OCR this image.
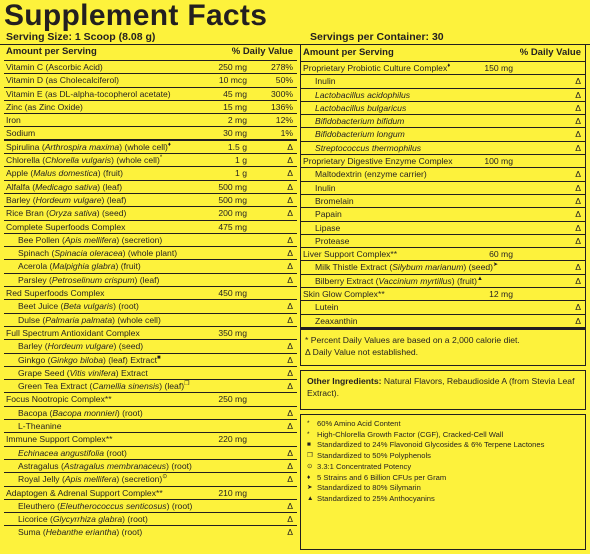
Supplement Facts
Serving Size: 1 Scoop (8.08 g)	Servings per Container: 30
Amount per Serving	% Daily Value
Vitamin C (Ascorbic Acid)	250 mg	278%
Vitamin D (as Cholecalciferol)	10 mcg	50%
Vitamin E (as DL-alpha-tocopherol acetate)	45 mg	300%
Zinc (as Zinc Oxide)	15 mg	136%
Iron	2 mg	12%
Sodium	30 mg	1%
Spirulina (Arthrospira maxima) (whole cell)♦	1.5 g	Δ
Chlorella (Chlorella vulgaris) (whole cell)*	1 g	Δ
Apple (Malus domestica) (fruit)	1 g	Δ
Alfalfa (Medicago sativa) (leaf)	500 mg	Δ
Barley (Hordeum vulgare) (leaf)	500 mg	Δ
Rice Bran (Oryza sativa) (seed)	200 mg	Δ
Complete Superfoods Complex	475 mg
Bee Pollen (Apis mellifera) (secretion)	Δ
Spinach (Spinacia oleracea) (whole plant)	Δ
Acerola (Malpighia glabra) (fruit)	Δ
Parsley (Petroselinum crispum) (leaf)	Δ
Red Superfoods Complex	450 mg
Beet Juice (Beta vulgaris) (root)	Δ
Dulse (Palmaria palmata) (whole cell)	Δ
Full Spectrum Antioxidant Complex	350 mg
Barley (Hordeum vulgare) (seed)	Δ
Ginkgo (Ginkgo biloba) (leaf) Extract■	Δ
Grape Seed (Vitis vinifera) Extract	Δ
Green Tea Extract (Camellia sinensis) (leaf)❐	Δ
Focus Nootropic Complex**	250 mg
Bacopa (Bacopa monnieri) (root)	Δ
L-Theanine	Δ
Immune Support Complex**	220 mg
Echinacea angustifolia (root)	Δ
Astragalus (Astragalus membranaceus) (root)	Δ
Royal Jelly (Apis mellifera) (secretion)⊙	Δ
Adaptogen & Adrenal Support Complex**	210 mg
Eleuthero (Eleutherococcus senticosus) (root)	Δ
Licorice (Glycyrrhiza glabra) (root)	Δ
Suma (Hebanthe eriantha) (root)	Δ
Amount per Serving	% Daily Value
Proprietary Probiotic Culture Complex♦	150 mg
Inulin	Δ
Lactobacillus acidophilus	Δ
Lactobacillus bulgaricus	Δ
Bifidobacterium bifidum	Δ
Bifidobacterium longum	Δ
Streptococcus thermophilus	Δ
Proprietary Digestive Enzyme Complex	100 mg
Maltodextrin (enzyme carrier)	Δ
Inulin	Δ
Bromelain	Δ
Papain	Δ
Lipase	Δ
Protease	Δ
Liver Support Complex**	60 mg
Milk Thistle Extract (Silybum marianum) (seed)➤	Δ
Bilberry Extract (Vaccinium myrtillus) (fruit)▲	Δ
Skin Glow Complex**	12 mg
Lutein	Δ
Zeaxanthin	Δ
* Percent Daily Values are based on a 2,000 calorie diet.
Δ Daily Value not established.
Other Ingredients: Natural Flavors, Rebaudioside A (from Stevia Leaf Extract).
* 60% Amino Acid Content
* High-Chlorella Growth Factor (CGF), Cracked-Cell Wall
■ Standardized to 24% Flavonoid Glycosides & 6% Terpene Lactones
❐ Standardized to 50% Polyphenols
⊙ 3.3:1 Concentrated Potency
♦ 5 Strains and 6 Billion CFUs per Gram
➤ Standardized to 80% Silymarin
▲ Standardized to 25% Anthocyanins
